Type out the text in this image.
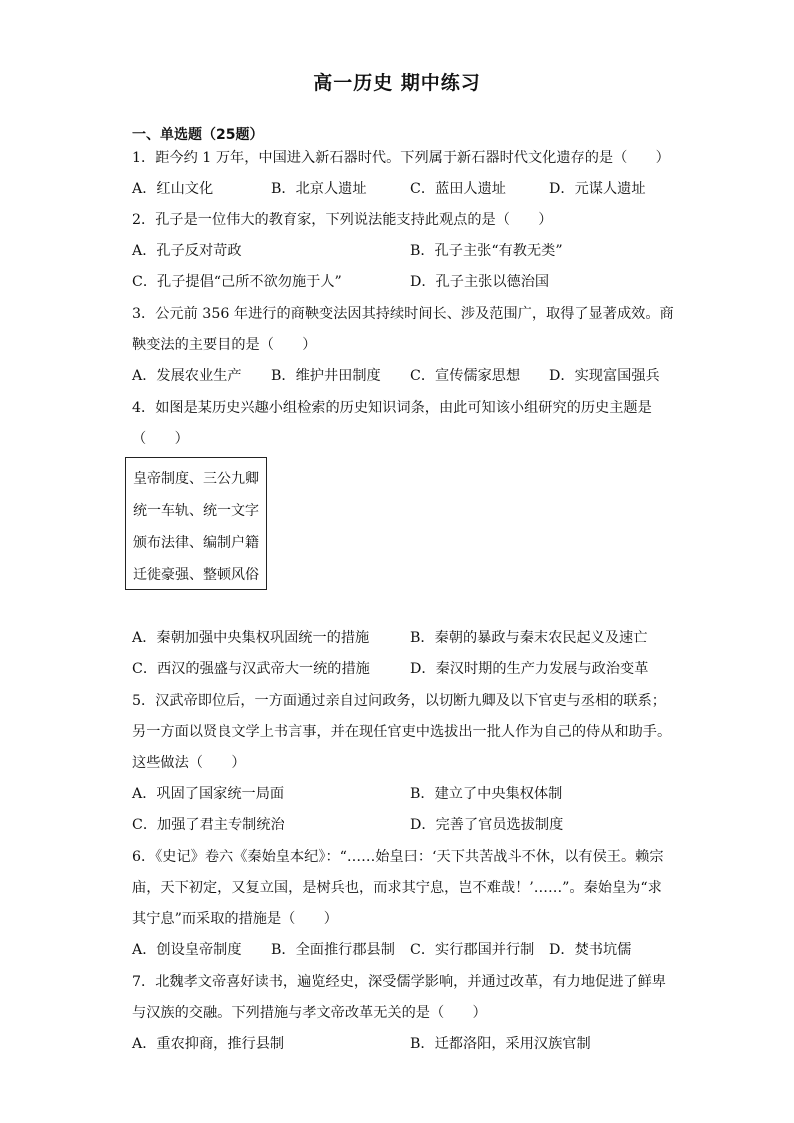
高一历史 期中练习
一、单选题（25题）
1．距今约 1 万年，中国进入新石器时代。下列属于新石器时代文化遗存的是（　　）
A．红山文化	B．北京人遗址	C．蓝田人遗址	D．元谋人遗址
2．孔子是一位伟大的教育家，下列说法能支持此观点的是（　　）
A．孔子反对苛政	B．孔子主张“有教无类”
C．孔子提倡“己所不欲勿施于人”	D．孔子主张以德治国
3．公元前 356 年进行的商鞅变法因其持续时间长、涉及范围广，取得了显著成效。商
鞅变法的主要目的是（　　）
A．发展农业生产 B．维护井田制度 C．宣传儒家思想 D．实现富国强兵
4．如图是某历史兴趣小组检索的历史知识词条，由此可知该小组研究的历史主题是
（　　）
皇帝制度、三公九卿
统一车轨、统一文字
颁布法律、编制户籍
迁徙豪强、整顿风俗
A．秦朝加强中央集权巩固统一的措施	B．秦朝的暴政与秦末农民起义及速亡
C．西汉的强盛与汉武帝大一统的措施	D．秦汉时期的生产力发展与政治变革
5．汉武帝即位后，一方面通过亲自过问政务，以切断九卿及以下官吏与丞相的联系；
另一方面以贤良文学上书言事，并在现任官吏中选拔出一批人作为自己的侍从和助手。
这些做法（　　）
A．巩固了国家统一局面	B．建立了中央集权体制
C．加强了君主专制统治	D．完善了官员选拔制度
6．《史记》卷六《秦始皇本纪》：“……始皇曰：‘天下共苦战斗不休，以有侯王。赖宗
庙，天下初定，又复立国，是树兵也，而求其宁息，岂不难哉！’……”。秦始皇为“求
其宁息”而采取的措施是（　　）
A．创设皇帝制度 B．全面推行郡县制 C．实行郡国并行制 D．焚书坑儒
7．北魏孝文帝喜好读书，遍览经史，深受儒学影响，并通过改革，有力地促进了鲜卑
与汉族的交融。下列措施与孝文帝改革无关的是（　　）
A．重农抑商，推行县制	B．迁都洛阳，采用汉族官制
